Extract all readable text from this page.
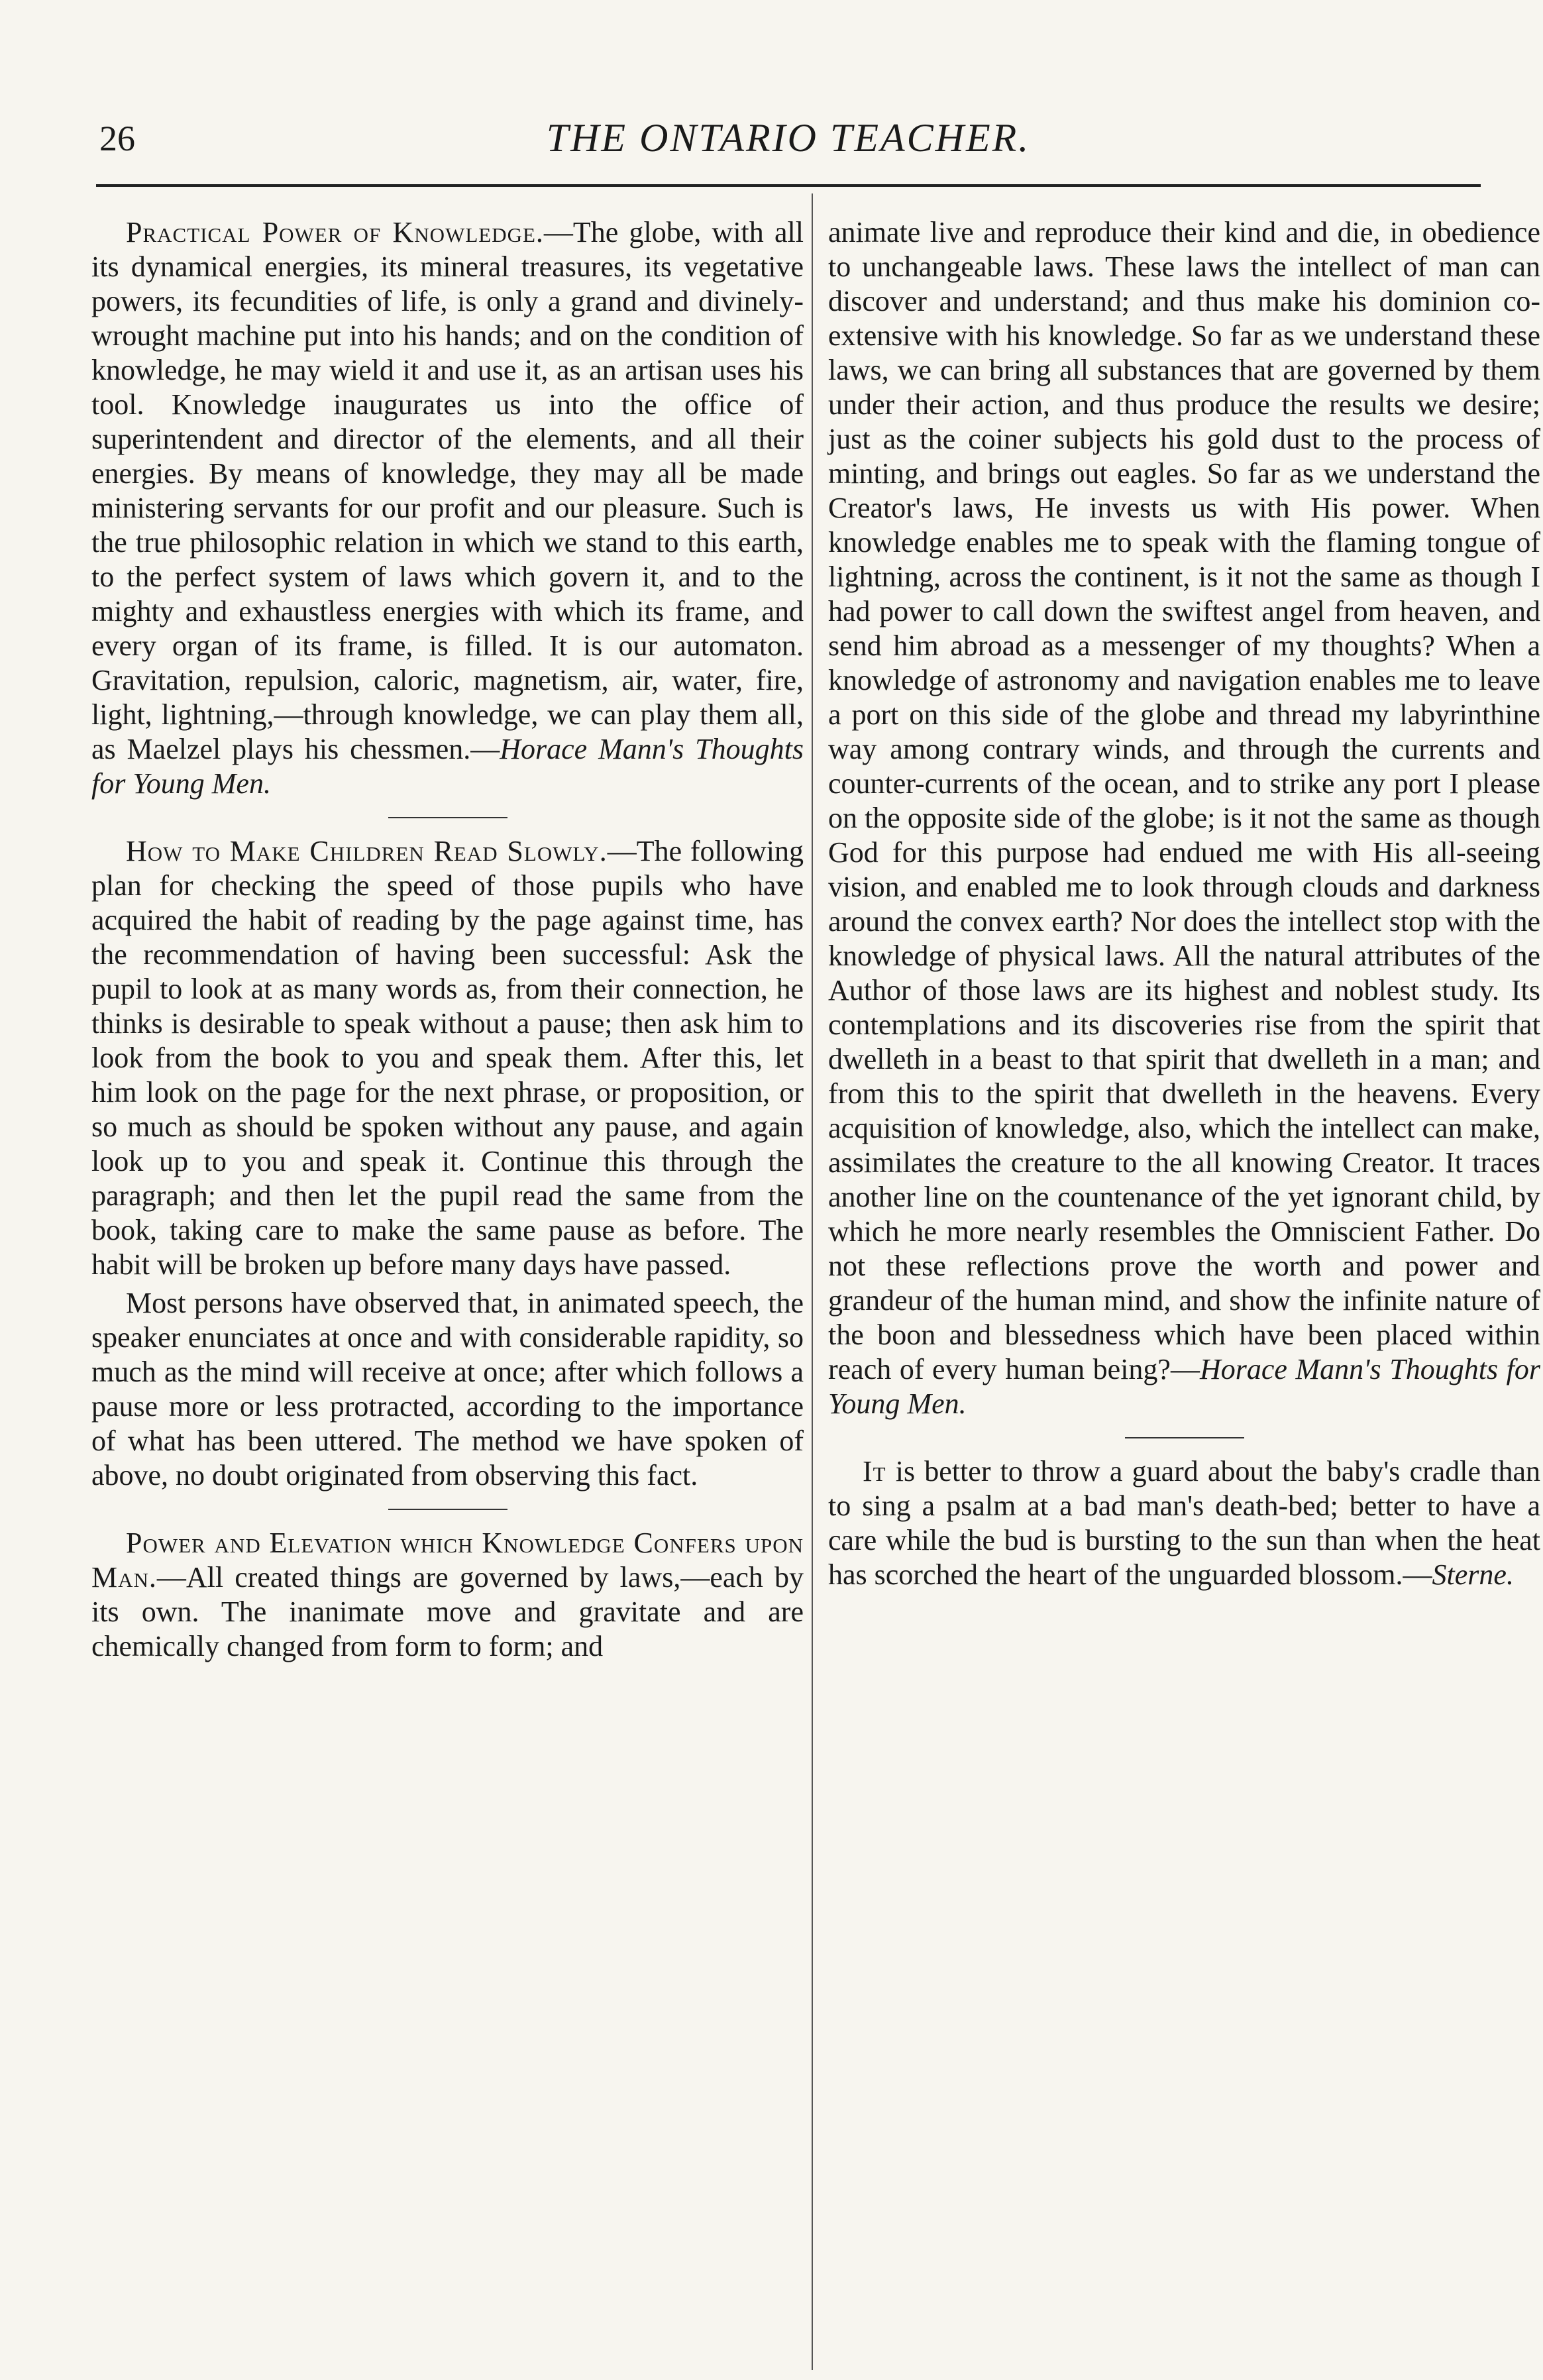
26	THE ONTARIO TEACHER.

Practical Power of Knowledge.—The globe, with all its dynamical energies, its mineral treasures, its vegetative powers, its fecundities of life, is only a grand and divinely-wrought machine put into his hands; and on the condition of knowledge, he may wield it and use it, as an artisan uses his tool. Knowledge inaugurates us into the office of superintendent and director of the elements, and all their energies. By means of knowledge, they may all be made ministering servants for our profit and our pleasure. Such is the true philosophic relation in which we stand to this earth, to the perfect system of laws which govern it, and to the mighty and exhaustless energies with which its frame, and every organ of its frame, is filled. It is our automaton. Gravitation, repulsion, caloric, magnetism, air, water, fire, light, lightning,—through knowledge, we can play them all, as Maelzel plays his chessmen.—Horace Mann's Thoughts for Young Men.

How to Make Children Read Slowly.—The following plan for checking the speed of those pupils who have acquired the habit of reading by the page against time, has the recommendation of having been successful: Ask the pupil to look at as many words as, from their connection, he thinks is desirable to speak without a pause; then ask him to look from the book to you and speak them. After this, let him look on the page for the next phrase, or proposition, or so much as should be spoken without any pause, and again look up to you and speak it. Continue this through the paragraph; and then let the pupil read the same from the book, taking care to make the same pause as before. The habit will be broken up before many days have passed.

Most persons have observed that, in animated speech, the speaker enunciates at once and with considerable rapidity, so much as the mind will receive at once; after which follows a pause more or less protracted, according to the importance of what has been uttered. The method we have spoken of above, no doubt originated from observing this fact.

Power and Elevation which Knowledge Confers upon Man.—All created things are governed by laws,—each by its own. The inanimate move and gravitate and are chemically changed from form to form; and

animate live and reproduce their kind and die, in obedience to unchangeable laws. These laws the intellect of man can discover and understand; and thus make his dominion co-extensive with his knowledge. So far as we understand these laws, we can bring all substances that are governed by them under their action, and thus produce the results we desire; just as the coiner subjects his gold dust to the process of minting, and brings out eagles. So far as we understand the Creator's laws, He invests us with His power. When knowledge enables me to speak with the flaming tongue of lightning, across the continent, is it not the same as though I had power to call down the swiftest angel from heaven, and send him abroad as a messenger of my thoughts? When a knowledge of astronomy and navigation enables me to leave a port on this side of the globe and thread my labyrinthine way among contrary winds, and through the currents and counter-currents of the ocean, and to strike any port I please on the opposite side of the globe; is it not the same as though God for this purpose had endued me with His all-seeing vision, and enabled me to look through clouds and darkness around the convex earth? Nor does the intellect stop with the knowledge of physical laws. All the natural attributes of the Author of those laws are its highest and noblest study. Its contemplations and its discoveries rise from the spirit that dwelleth in a beast to that spirit that dwelleth in a man; and from this to the spirit that dwelleth in the heavens. Every acquisition of knowledge, also, which the intellect can make, assimilates the creature to the all knowing Creator. It traces another line on the countenance of the yet ignorant child, by which he more nearly resembles the Omniscient Father. Do not these reflections prove the worth and power and grandeur of the human mind, and show the infinite nature of the boon and blessedness which have been placed within reach of every human being?—Horace Mann's Thoughts for Young Men.

It is better to throw a guard about the baby's cradle than to sing a psalm at a bad man's death-bed; better to have a care while the bud is bursting to the sun than when the heat has scorched the heart of the unguarded blossom.—Sterne.
